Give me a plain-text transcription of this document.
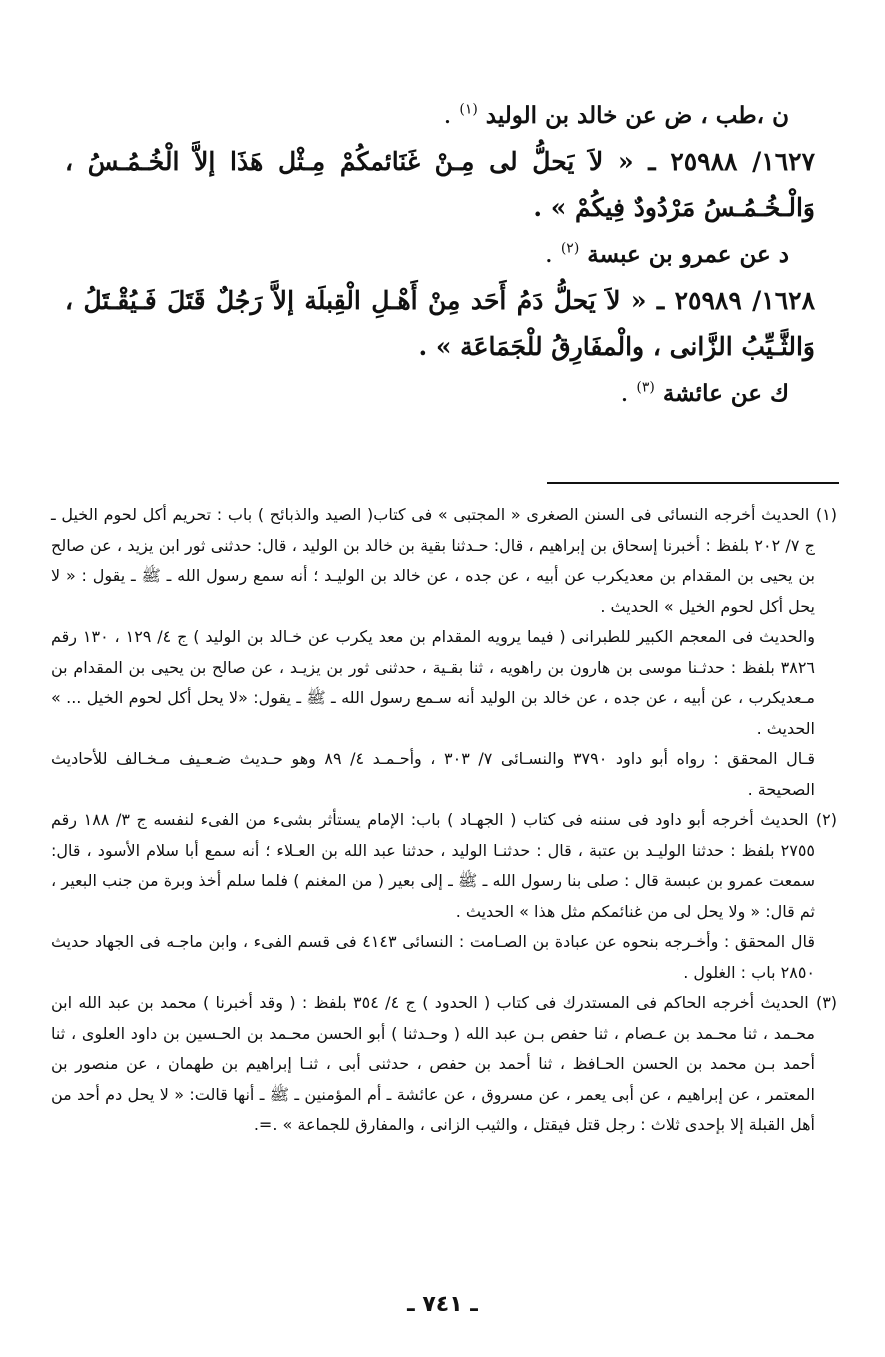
ن ،طب ، ض عن خالد بن الوليد $^{(١)}$ .

١٦٢٧/ ٢٥٩٨٨ ـ « لاَ يَحلُّ لى مِـنْ غَنَائمكُمْ مِـثْل هَذَا إلاَّ الْخُـمُـسُ ، وَالْـخُـمُـسُ مَرْدُودٌ فِيكُمْ » .

د عن عمرو بن عبسة $^{(٢)}$ .

١٦٢٨/ ٢٥٩٨٩ ـ « لاَ يَحلُّ دَمُ أَحَد مِنْ أَهْـلِ الْقِبلَة إلاَّ رَجُلٌ قَتَلَ فَـيُقْـتَلُ ، وَالثَّـيِّبُ الزَّانى ، والْمفَارِقُ للْجَمَاعَة » .

ك عن عائشة $^{(٣)}$ .

(١) الحديث أخرجه النسائى فى السنن الصغرى « المجتبى » فى كتاب( الصيد والذبائح ) باب : تحريم أكل لحوم الخيل ـ ج ٧/ ٢٠٢ بلفظ : أخبرنا إسحاق بن إبراهيم ، قال: حـدثنا بقية بن خالد بن الوليد ، قال: حدثنى ثور ابن يزيد ، عن صالح بن يحيى بن المقدام بن معديكرب عن أبيه ، عن جده ، عن خالد بن الوليـد ؛ أنه سمع رسول الله ـ ﷺ ـ يقول : « لا يحل أكل لحوم الخيل » الحديث .

والحديث فى المعجم الكبير للطبرانى ( فيما يرويه المقدام بن معد يكرب عن خـالد بن الوليد ) ج ٤/ ١٢٩ ، ١٣٠ رقم ٣٨٢٦ بلفظ : حدثـنا موسى بن هارون بن راهويه ، ثنا بقـية ، حدثنى ثور بن يزيـد ، عن صالح بن يحيى بن المقدام بن مـعديكرب ، عن أبيه ، عن جده ، عن خالد بن الوليد أنه سـمع رسول الله ـ ﷺ ـ يقول: «لا يحل أكل لحوم الخيل ... » الحديث .

قـال المحقق : رواه أبو داود ٣٧٩٠ والنسـائى ٧/ ٣٠٣ ، وأحـمـد ٤/ ٨٩ وهو حـديث ضـعـيف مـخـالف للأحاديث الصحيحة .

(٢) الحديث أخرجه أبو داود فى سننه فى كتاب ( الجهـاد ) باب: الإمام يستأثر بشىء من الفىء لنفسه ج ٣/ ١٨٨ رقم ٢٧٥٥ بلفظ : حدثنا الوليـد بن عتبة ، قال : حدثنـا الوليد ، حدثنا عبد الله بن العـلاء ؛ أنه سمع أبا سلام الأسود ، قال: سمعت عمرو بن عبسة قال : صلى بنا رسول الله ـ ﷺ ـ إلى بعير ( من المغنم ) فلما سلم أخذ وبرة من جنب البعير ، ثم قال: « ولا يحل لى من غنائمكم مثل هذا » الحديث .

قال المحقق : وأخـرجه بنحوه عن عبادة بن الصـامت : النسائى ٤١٤٣ فى قسم الفىء ، وابن ماجـه فى الجهاد حديث ٢٨٥٠ باب : الغلول .

(٣) الحديث أخرجه الحاكم فى المستدرك فى كتاب ( الحدود ) ج ٤/ ٣٥٤ بلفظ : ( وقد أخبرنا ) محمد بن عبد الله ابن محـمد ، ثنا محـمد بن عـصام ، ثنا حفص بـن عبد الله ( وحـدثنا ) أبو الحسن محـمد بن الحـسين بن داود العلوى ، ثنا أحمد بـن محمد بن الحسن الحـافظ ، ثنا أحمد بن حفص ، حدثنى أبى ، ثنـا إبراهيم بن طهمان ، عن منصور بن المعتمر ، عن إبراهيم ، عن أبى يعمر ، عن مسروق ، عن عائشة ـ أم المؤمنين ـ ﷺ ـ أنها قالت: « لا يحل دم أحد من أهل القبلة إلا بإحدى ثلاث : رجل قتل فيقتل ، والثيب الزانى ، والمفارق للجماعة » .=.

ـ ٧٤١ ـ
